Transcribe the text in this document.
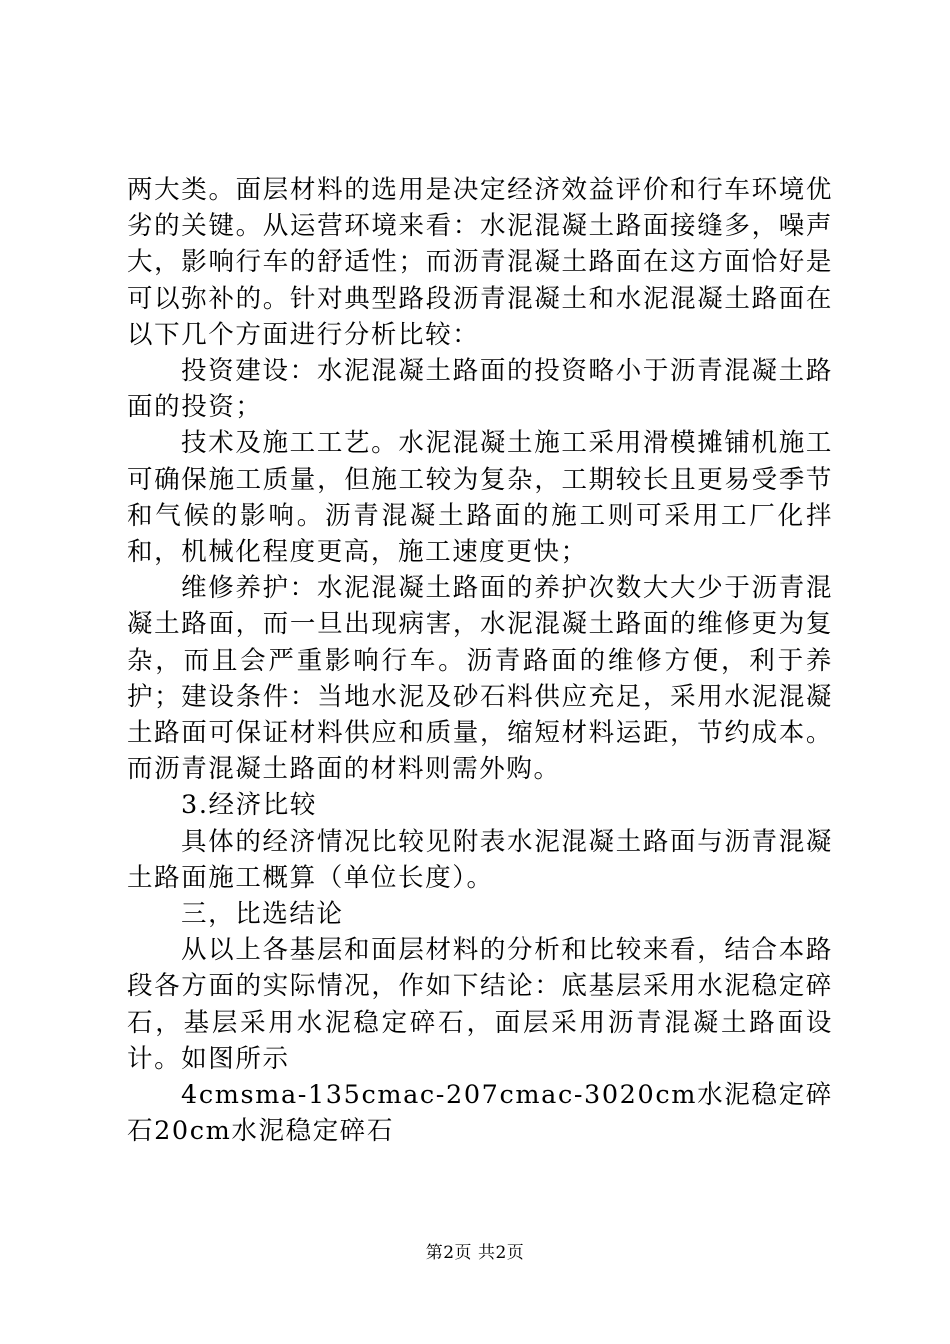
两大类。面层材料的选用是决定经济效益评价和行车环境优劣的关键。从运营环境来看：水泥混凝土路面接缝多，噪声大，影响行车的舒适性；而沥青混凝土路面在这方面恰好是可以弥补的。针对典型路段沥青混凝土和水泥混凝土路面在以下几个方面进行分析比较：

投资建设：水泥混凝土路面的投资略小于沥青混凝土路面的投资；

技术及施工工艺。水泥混凝土施工采用滑模摊铺机施工可确保施工质量，但施工较为复杂，工期较长且更易受季节和气候的影响。沥青混凝土路面的施工则可采用工厂化拌和，机械化程度更高，施工速度更快；

维修养护：水泥混凝土路面的养护次数大大少于沥青混凝土路面，而一旦出现病害，水泥混凝土路面的维修更为复杂，而且会严重影响行车。沥青路面的维修方便，利于养护；建设条件：当地水泥及砂石料供应充足，采用水泥混凝土路面可保证材料供应和质量，缩短材料运距，节约成本。而沥青混凝土路面的材料则需外购。

3.经济比较

具体的经济情况比较见附表水泥混凝土路面与沥青混凝土路面施工概算（单位长度）。

三，比选结论

从以上各基层和面层材料的分析和比较来看，结合本路段各方面的实际情况，作如下结论：底基层采用水泥稳定碎石，基层采用水泥稳定碎石，面层采用沥青混凝土路面设计。如图所示

4cmsma-135cmac-207cmac-3020cm水泥稳定碎石20cm水泥稳定碎石

第2页 共2页
